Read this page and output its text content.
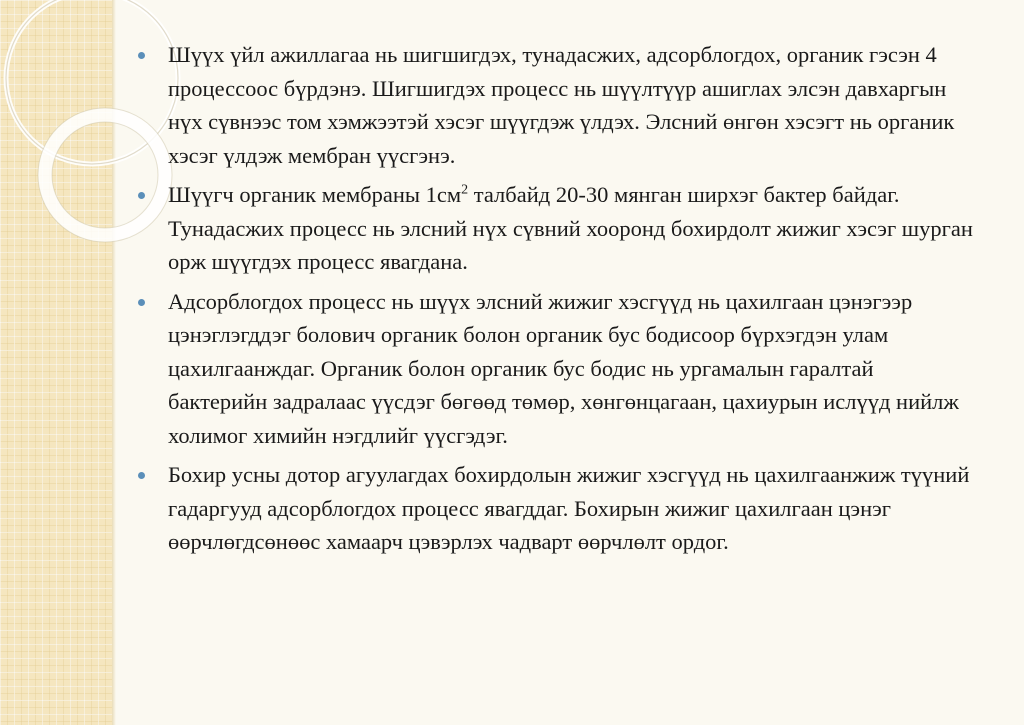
Шүүх үйл ажиллагаа нь шигшигдэх, тунадасжих, адсорблогдох, органик гэсэн 4 процессоос бүрдэнэ. Шигшигдэх процесс нь шүүлтүүр ашиглах элсэн давхаргын нүх сүвнээс том хэмжээтэй хэсэг шүүгдэж үлдэх. Элсний өнгөн хэсэгт нь органик хэсэг үлдэж мембран үүсгэнэ.
Шүүгч органик мембраны $1см^2$ талбайд 20-30 мянган ширхэг бактер байдаг. Тунадасжих процесс нь элсний нүх сүвний хооронд бохирдолт жижиг хэсэг шурган орж шүүгдэх процесс явагдана.
Адсорблогдох процесс нь шүүх элсний жижиг хэсгүүд нь цахилгаан цэнэгээр цэнэглэгддэг болович органик болон органик бус бодисоор бүрхэгдэн улам цахилгаанждаг. Органик болон органик бус бодис нь ургамалын гаралтай бактерийн задралаас үүсдэг бөгөөд төмөр, хөнгөнцагаан, цахиурын ислүүд нийлж холимог химийн нэгдлийг үүсгэдэг.
Бохир усны дотор агуулагдах бохирдолын жижиг хэсгүүд нь цахилгаанжиж түүний гадаргууд адсорблогдох процесс явагддаг. Бохирын жижиг цахилгаан цэнэг өөрчлөгдсөнөөс хамаарч цэвэрлэх чадварт өөрчлөлт ордог.
